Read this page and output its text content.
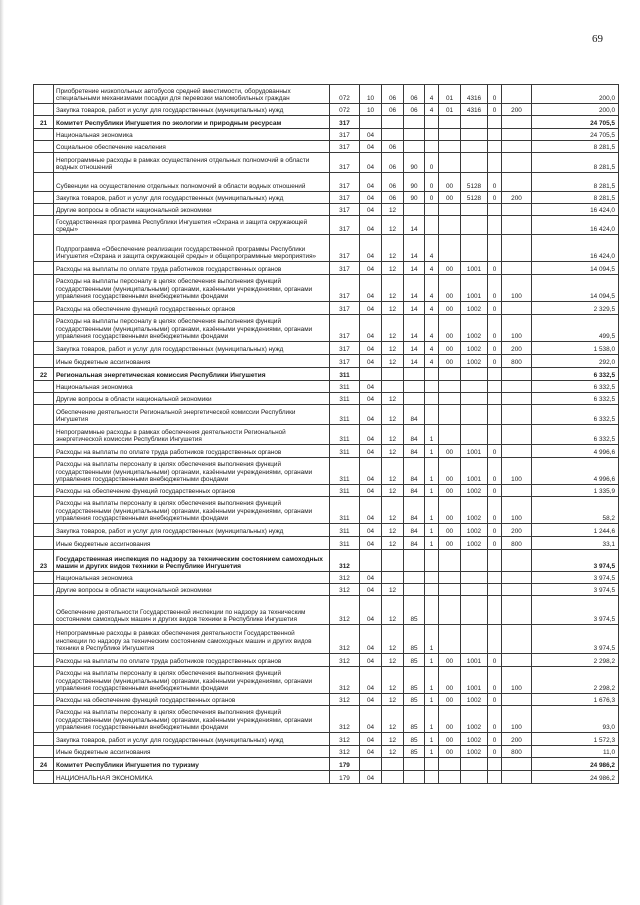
69
	Приобретение низкопольных автобусов средней вместимости, оборудованных специальными механизмами посадки для перевозки маломобильных граждан	072	10	06	06	4	01	4316	0		200,0
	Закупка товаров, работ и услуг для государственных (муниципальных) нужд	072	10	06	06	4	01	4316	0	200	200,0
21	Комитет Республики Ингушетия по экологии и природным ресурсам	317									24 705,5
	Национальная экономика	317	04								24 705,5
	Социальное обеспечение населения	317	04	06							8 281,5
	Непрограммные расходы в рамках осуществления отдельных полномочий в области водных отношений	317	04	06	90	0					8 281,5
	Субвенции на осуществление отдельных полномочий в области водных отношений	317	04	06	90	0	00	5128	0		8 281,5
	Закупка товаров, работ и услуг для государственных (муниципальных) нужд	317	04	06	90	0	00	5128	0	200	8 281,5
	Другие вопросы в области национальной экономики	317	04	12							16 424,0
	Государственная программа Республики Ингушетия «Охрана и защита окружающей среды»	317	04	12	14						16 424,0
	Подпрограмма «Обеспечение реализации государственной программы Республики Ингушетия «Охрана и защита окружающей среды» и общепрограммные мероприятия»	317	04	12	14	4					16 424,0
	Расходы на выплаты по оплате труда работников государственных органов	317	04	12	14	4	00	1001	0		14 094,5
	Расходы на выплаты персоналу в целях обеспечения выполнения функций государственными (муниципальными) органами, казёнными учреждениями, органами управления государственными внебюджетными фондами	317	04	12	14	4	00	1001	0	100	14 094,5
	Расходы на обеспечение функций государственных органов	317	04	12	14	4	00	1002	0		2 329,5
	Расходы на выплаты персоналу в целях обеспечения выполнения функций государственными (муниципальными) органами, казёнными учреждениями, органами управления государственными внебюджетными фондами	317	04	12	14	4	00	1002	0	100	499,5
	Закупка товаров, работ и услуг для государственных (муниципальных) нужд	317	04	12	14	4	00	1002	0	200	1 538,0
	Иные бюджетные ассигнования	317	04	12	14	4	00	1002	0	800	292,0
22	Региональная энергетическая комиссия Республики Ингушетия	311									6 332,5
	Национальная экономика	311	04								6 332,5
	Другие вопросы в области национальной экономики	311	04	12							6 332,5
	Обеспечение деятельности Региональной энергетической комиссии Республики Ингушетия	311	04	12	84						6 332,5
	Непрограммные расходы в рамках обеспечения деятельности Региональной энергетической комиссии Республики Ингушетия	311	04	12	84	1					6 332,5
	Расходы на выплаты по оплате труда работников государственных органов	311	04	12	84	1	00	1001	0		4 996,6
	Расходы на выплаты персоналу в целях обеспечения выполнения функций государственными (муниципальными) органами, казёнными учреждениями, органами управления государственными внебюджетными фондами	311	04	12	84	1	00	1001	0	100	4 996,6
	Расходы на обеспечение функций государственных органов	311	04	12	84	1	00	1002	0		1 335,9
	Расходы на выплаты персоналу в целях обеспечения выполнения функций государственными (муниципальными) органами, казёнными учреждениями, органами управления государственными внебюджетными фондами	311	04	12	84	1	00	1002	0	100	58,2
	Закупка товаров, работ и услуг для государственных (муниципальных) нужд	311	04	12	84	1	00	1002	0	200	1 244,6
	Иные бюджетные ассигнования	311	04	12	84	1	00	1002	0	800	33,1
23	Государственная инспекция по надзору за техническим состоянием самоходных машин и других видов техники в Республике Ингушетия	312									3 974,5
	Национальная экономика	312	04								3 974,5
	Другие вопросы в области национальной экономики	312	04	12							3 974,5
	Обеспечение деятельности Государственной инспекции по надзору за техническим состоянием самоходных машин и других видов техники в Республике Ингушетия	312	04	12	85						3 974,5
	Непрограммные расходы в рамках обеспечения деятельности Государственной инспекции по надзору за техническим состоянием самоходных машин и других видов техники в Республике Ингушетия	312	04	12	85	1					3 974,5
	Расходы на выплаты по оплате труда работников государственных органов	312	04	12	85	1	00	1001	0		2 298,2
	Расходы на выплаты персоналу в целях обеспечения выполнения функций государственными (муниципальными) органами, казёнными учреждениями, органами управления государственными внебюджетными фондами	312	04	12	85	1	00	1001	0	100	2 298,2
	Расходы на обеспечение функций государственных органов	312	04	12	85	1	00	1002	0		1 676,3
	Расходы на выплаты персоналу в целях обеспечения выполнения функций государственными (муниципальными) органами, казёнными учреждениями, органами управления государственными внебюджетными фондами	312	04	12	85	1	00	1002	0	100	93,0
	Закупка товаров, работ и услуг для государственных (муниципальных) нужд	312	04	12	85	1	00	1002	0	200	1 572,3
	Иные бюджетные ассигнования	312	04	12	85	1	00	1002	0	800	11,0
24	Комитет Республики Ингушетия по туризму	179									24 986,2
	НАЦИОНАЛЬНАЯ ЭКОНОМИКА	179	04								24 986,2
